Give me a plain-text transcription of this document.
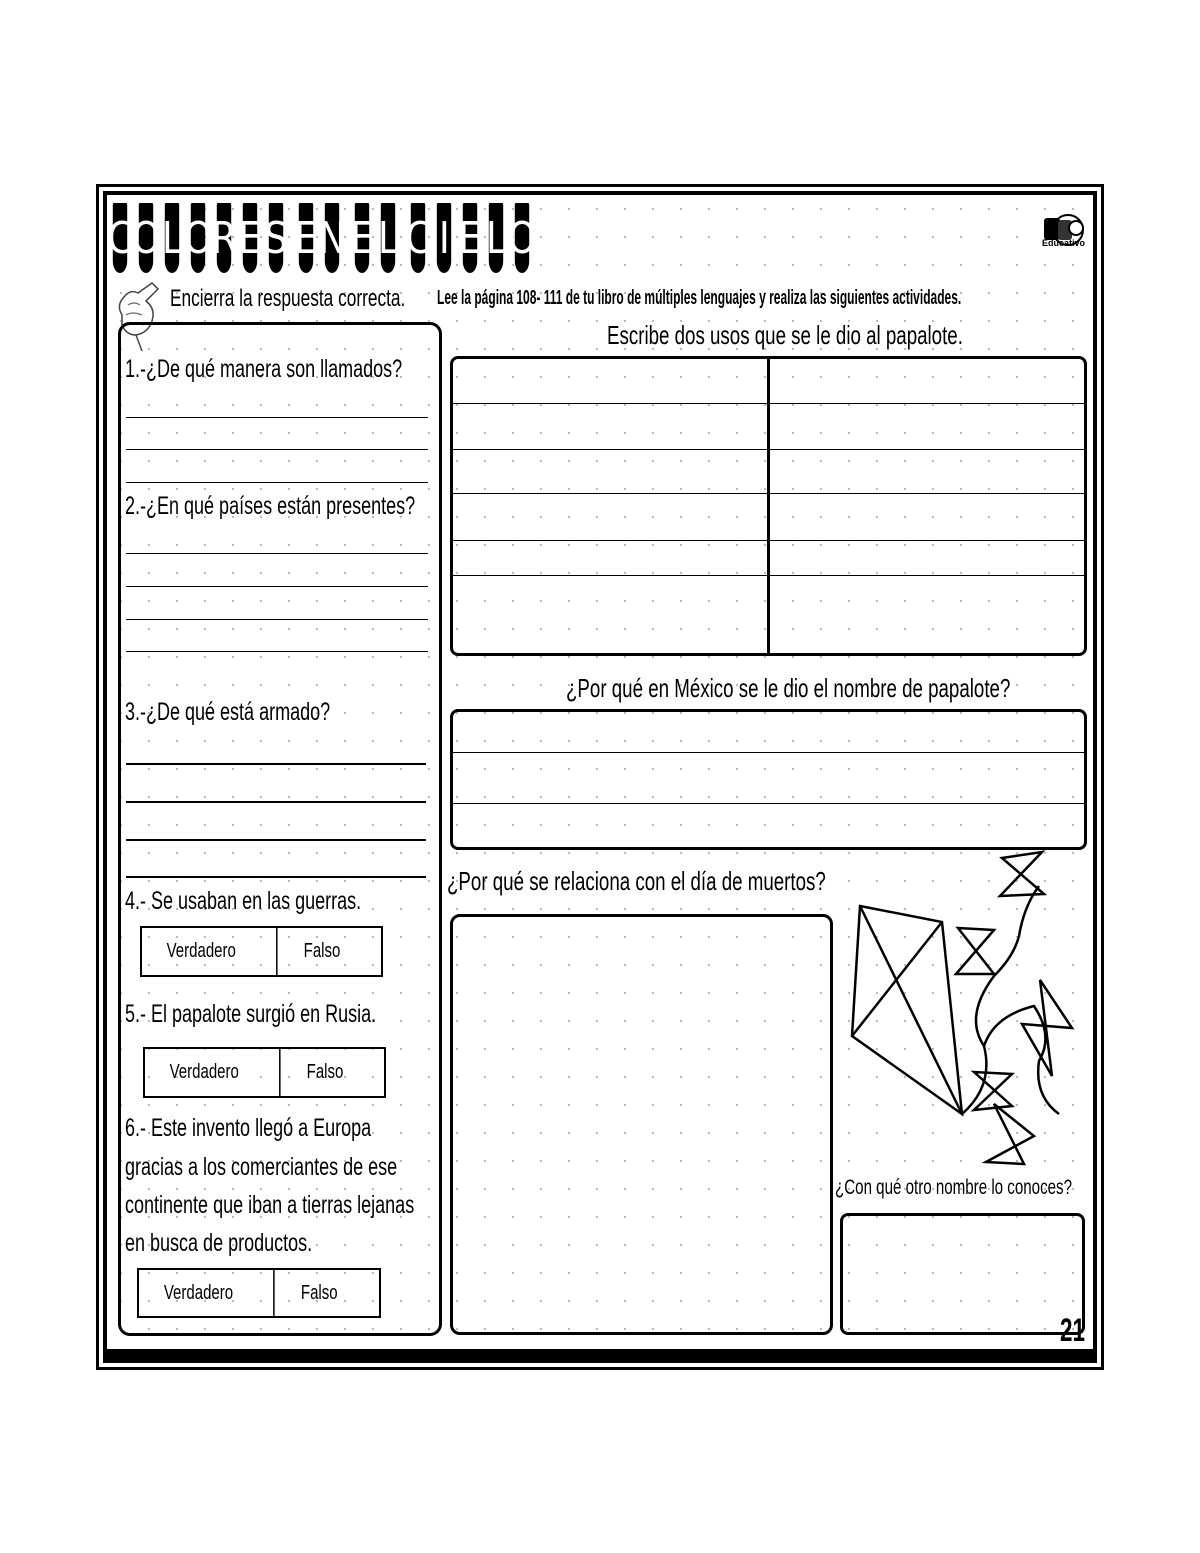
C
O L O
R E S E N E L C I E L O	Educativo
Encierra la respuesta correcta. Lee la página 108- 111 de tu libro de múltiples lenguajes y realiza las siguientes actividades.
1.-¿De qué manera son llamados?
2.-¿En qué países están presentes?
3.-¿De qué está armado?
4.- Se usaban en las guerras.
Verdadero	Falso
5.- El papalote surgió en Rusia.
Verdadero	Falso
6.- Este invento llegó a Europa
gracias a los comerciantes de ese
continente que iban a tierras lejanas
en busca de productos.
Verdadero	Falso
Escribe dos usos que se le dio al papalote.
¿Por qué en México se le dio el nombre de papalote?
¿Por qué se relaciona con el día de muertos?
¿Con qué otro nombre lo conoces?
21
